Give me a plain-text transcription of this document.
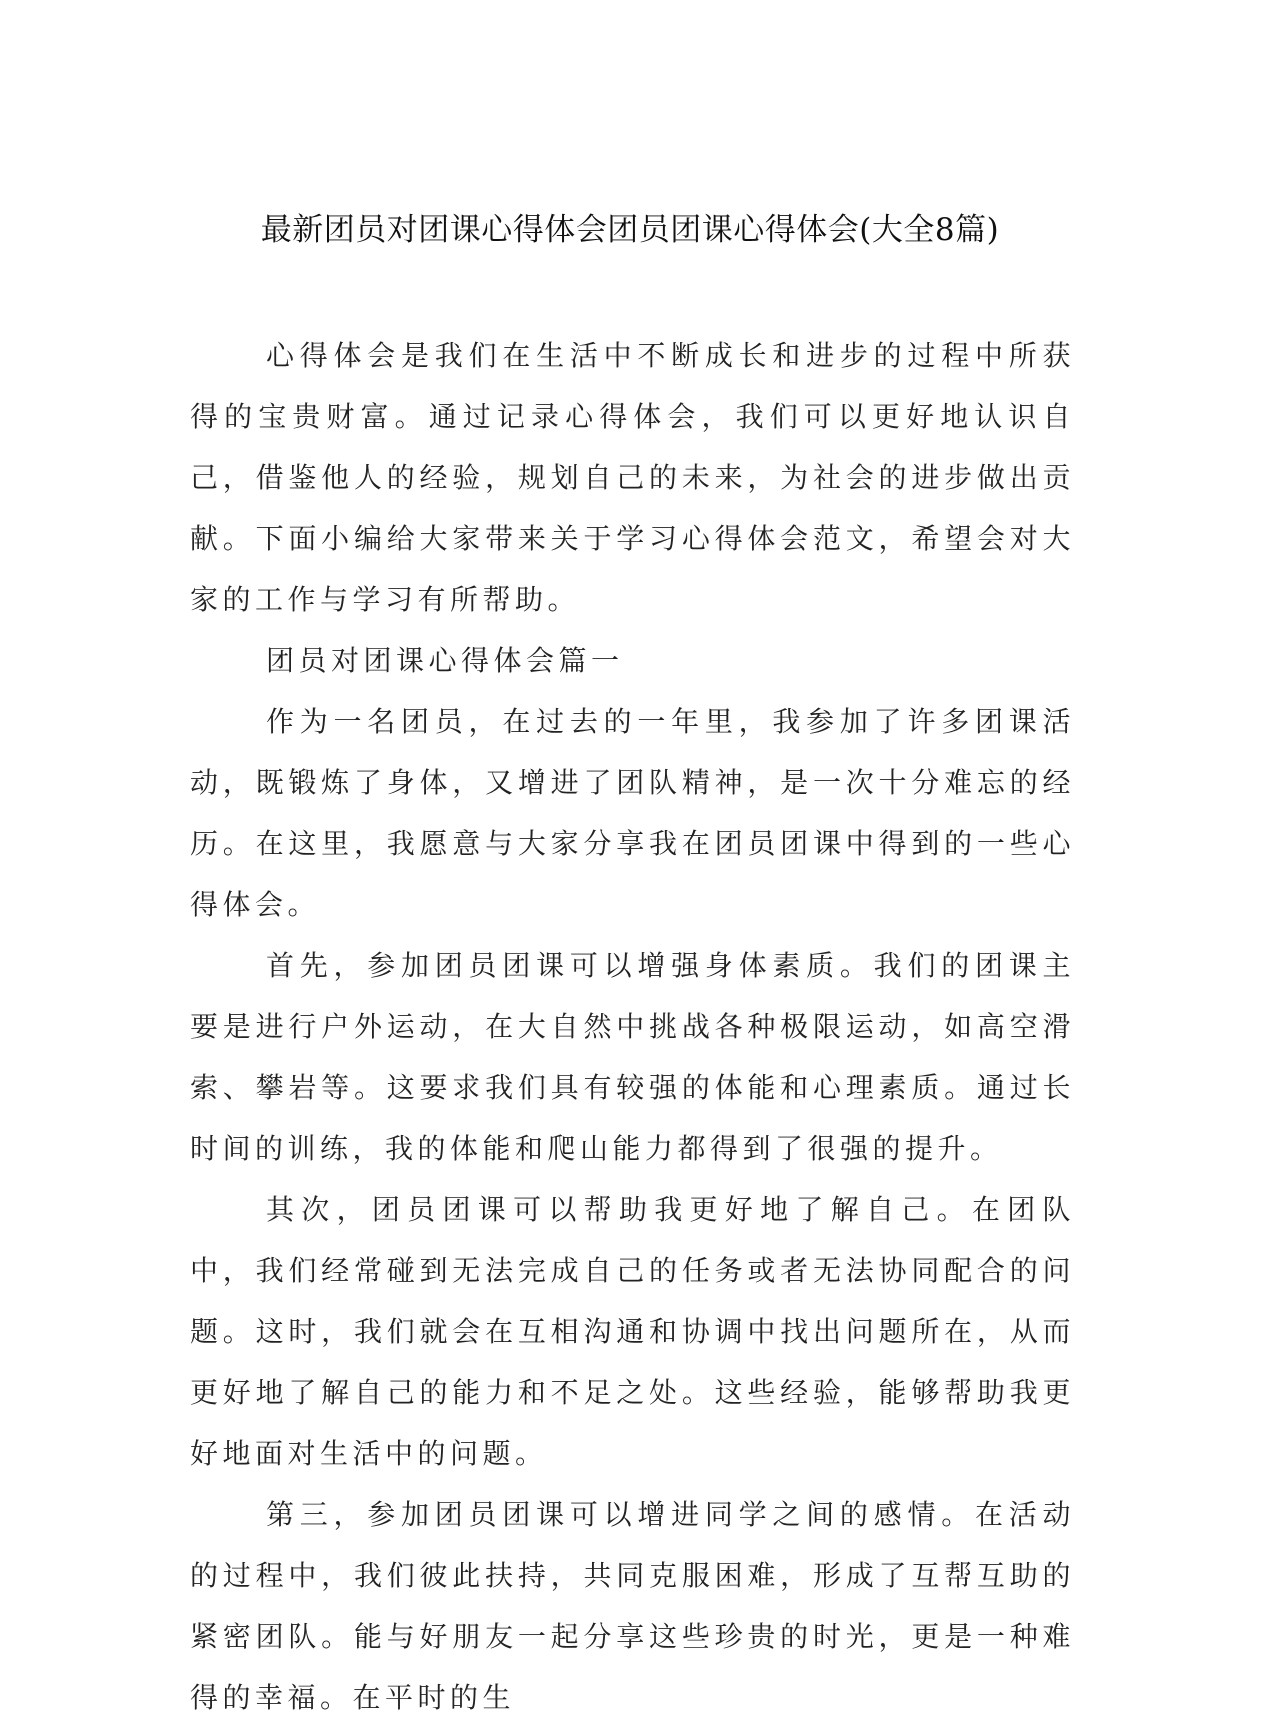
最新团员对团课心得体会团员团课心得体会(大全8篇)

心得体会是我们在生活中不断成长和进步的过程中所获得的宝贵财富。通过记录心得体会，我们可以更好地认识自己，借鉴他人的经验，规划自己的未来，为社会的进步做出贡献。下面小编给大家带来关于学习心得体会范文，希望会对大家的工作与学习有所帮助。

团员对团课心得体会篇一

作为一名团员，在过去的一年里，我参加了许多团课活动，既锻炼了身体，又增进了团队精神，是一次十分难忘的经历。在这里，我愿意与大家分享我在团员团课中得到的一些心得体会。

首先，参加团员团课可以增强身体素质。我们的团课主要是进行户外运动，在大自然中挑战各种极限运动，如高空滑索、攀岩等。这要求我们具有较强的体能和心理素质。通过长时间的训练，我的体能和爬山能力都得到了很强的提升。

其次，团员团课可以帮助我更好地了解自己。在团队中，我们经常碰到无法完成自己的任务或者无法协同配合的问题。这时，我们就会在互相沟通和协调中找出问题所在，从而更好地了解自己的能力和不足之处。这些经验，能够帮助我更好地面对生活中的问题。

第三，参加团员团课可以增进同学之间的感情。在活动的过程中，我们彼此扶持，共同克服困难，形成了互帮互助的紧密团队。能与好朋友一起分享这些珍贵的时光，更是一种难得的幸福。在平时的生
